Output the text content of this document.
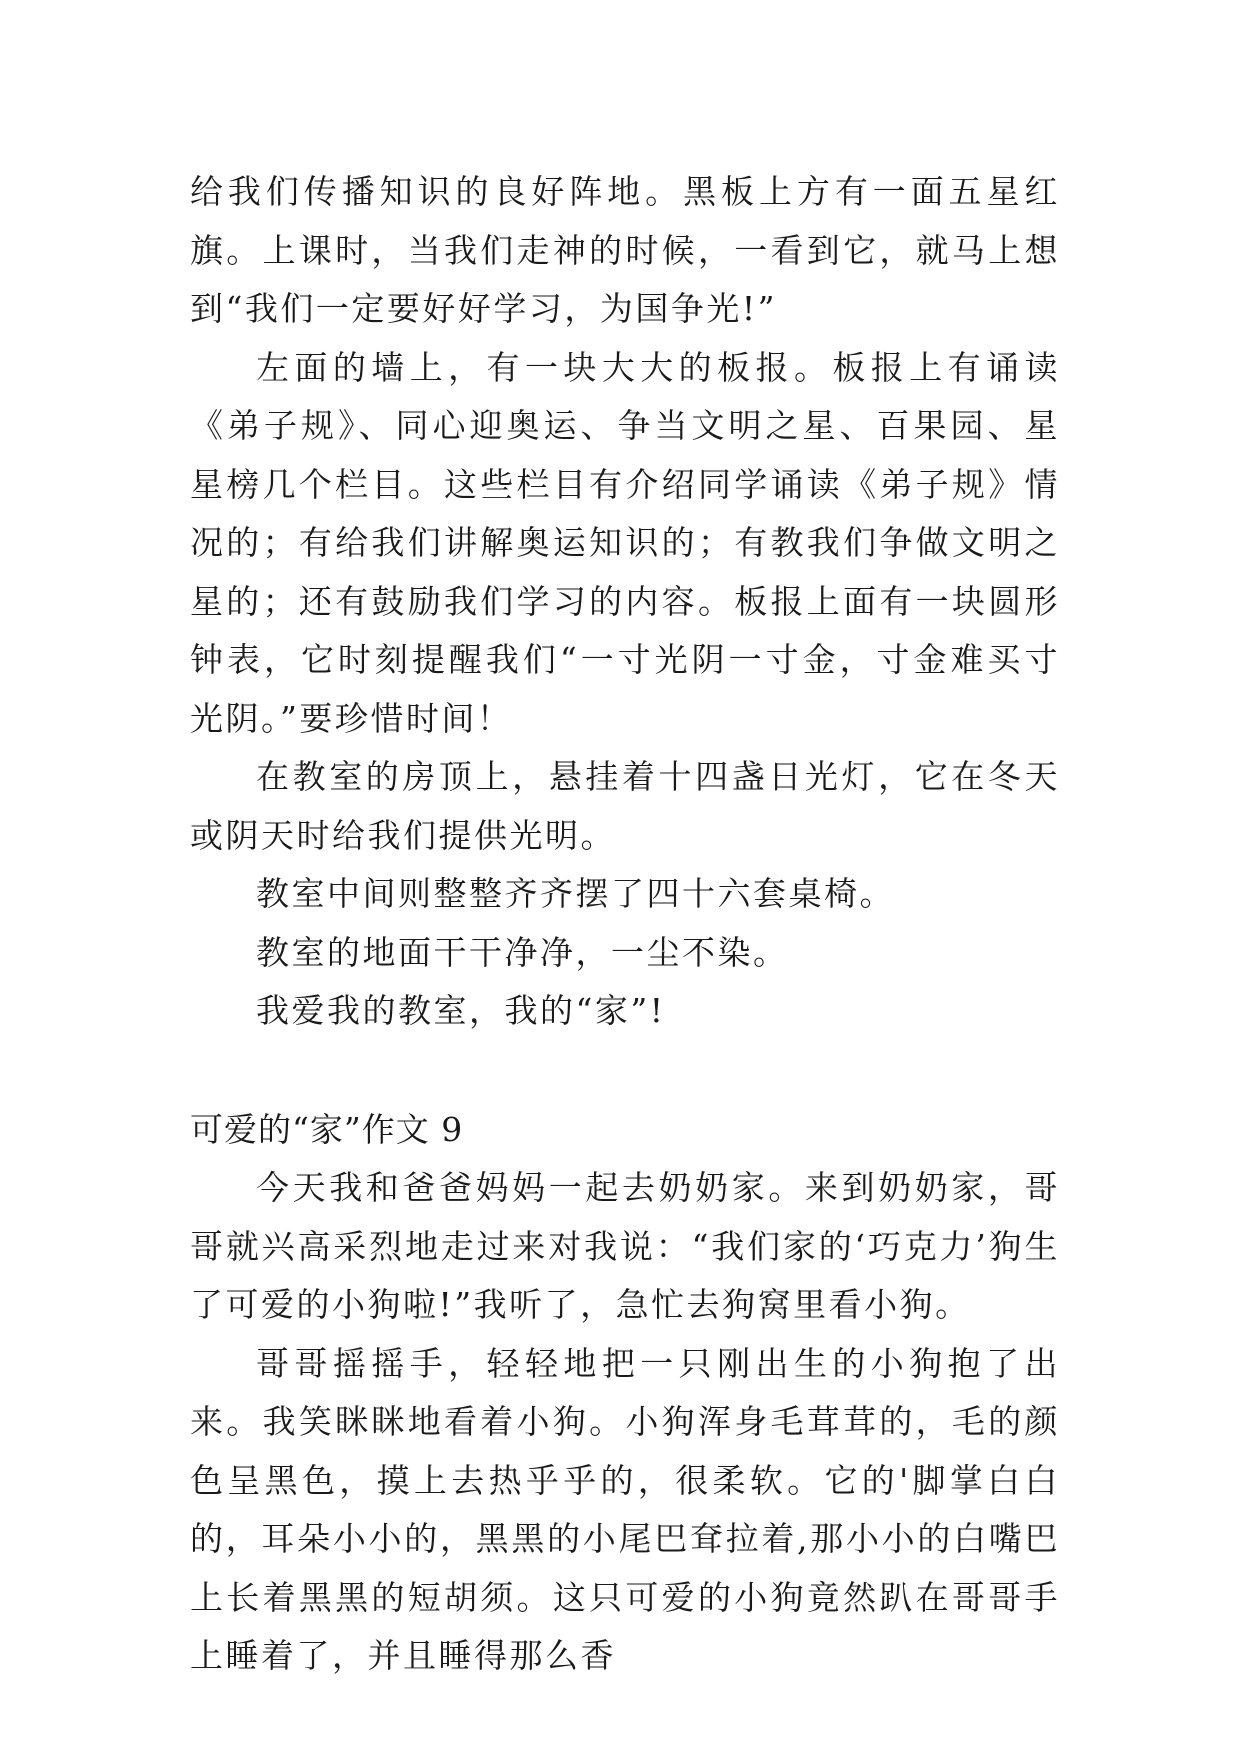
给我们传播知识的良好阵地。黑板上方有一面五星红旗。上课时，当我们走神的时候，一看到它，就马上想到“我们一定要好好学习，为国争光!”

左面的墙上，有一块大大的板报。板报上有诵读《弟子规》、同心迎奥运、争当文明之星、百果园、星星榜几个栏目。这些栏目有介绍同学诵读《弟子规》情况的；有给我们讲解奥运知识的；有教我们争做文明之星的；还有鼓励我们学习的内容。板报上面有一块圆形钟表，它时刻提醒我们“一寸光阴一寸金，寸金难买寸光阴。”要珍惜时间！

在教室的房顶上，悬挂着十四盏日光灯，它在冬天或阴天时给我们提供光明。

教室中间则整整齐齐摆了四十六套桌椅。

教室的地面干干净净，一尘不染。

我爱我的教室，我的“家”!

可爱的“家”作文 9

今天我和爸爸妈妈一起去奶奶家。来到奶奶家，哥哥就兴高采烈地走过来对我说：“我们家的‘巧克力’狗生了可爱的小狗啦!”我听了，急忙去狗窝里看小狗。

哥哥摇摇手，轻轻地把一只刚出生的小狗抱了出来。我笑眯眯地看着小狗。小狗浑身毛茸茸的，毛的颜色呈黑色，摸上去热乎乎的，很柔软。它的'脚掌白白的，耳朵小小的，黑黑的小尾巴耷拉着,那小小的白嘴巴上长着黑黑的短胡须。这只可爱的小狗竟然趴在哥哥手上睡着了，并且睡得那么香
